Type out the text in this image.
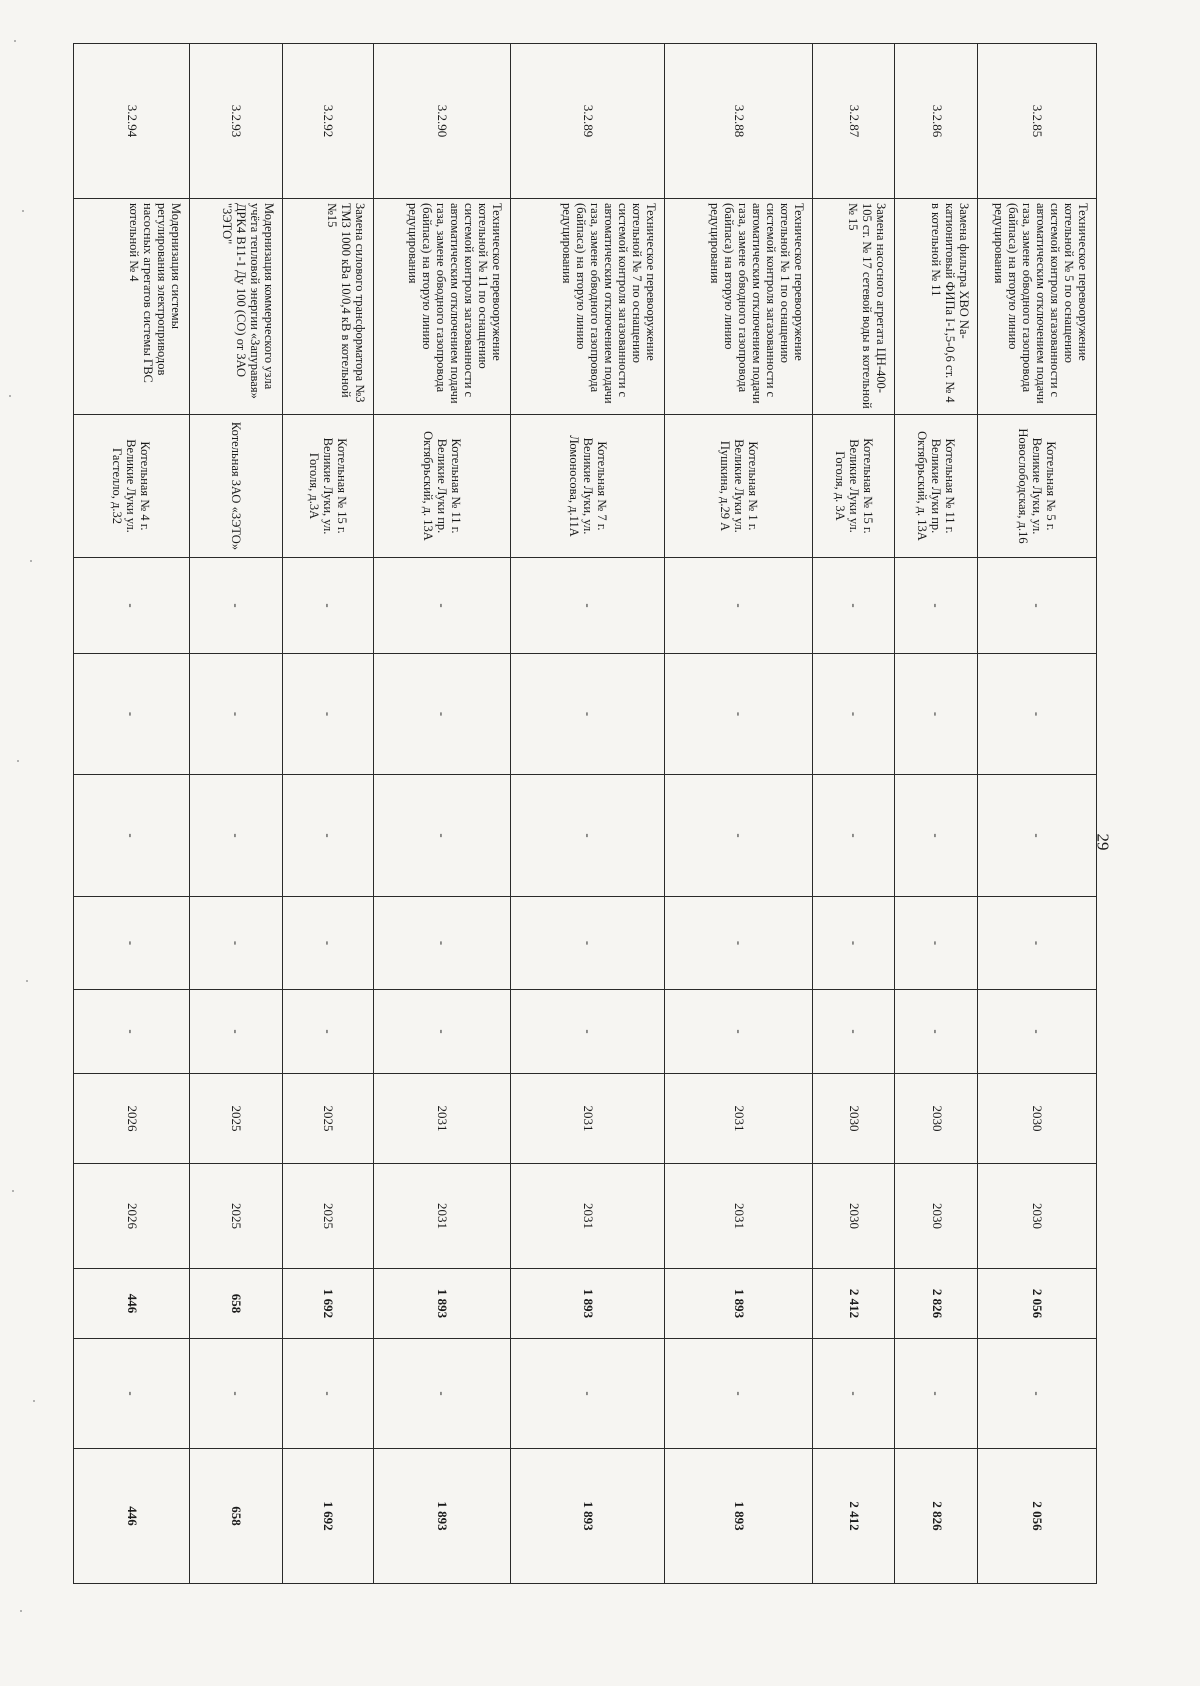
29
3.2.85	Техническое перевооружение котельной № 5 по оснащению системой контроля загазованности с автоматическим отключением подачи газа, замене обводного газопровода (байпаса) на вторую линию редуцирования	Котельная № 5 г. Великие Луки, ул. Новослободская, д.16	-	-	-	-	-	2030	2030	2 056	-	2 056
3.2.86	Замена фильтра ХВО Na-катионитовый ФИПа I-1,5-0,6 ст. № 4 в котельной № 11	Котельная № 11 г. Великие Луки пр. Октябрьский, д. 13А	-	-	-	-	-	2030	2030	2 826	-	2 826
3.2.87	Замена насосного агрегата ЦН-400-105 ст. № 17 сетевой воды в котельной № 15	Котельная № 15 г. Великие Луки ул. Гоголя, д. 3А	-	-	-	-	-	2030	2030	2 412	-	2 412
3.2.88	Техническое перевооружение котельной № 1 по оснащению системой контроля загазованности с автоматическим отключением подачи газа, замене обводного газопровода (байпаса) на вторую линию редуцирования	Котельная № 1 г. Великие Луки ул. Пушкина, д.29 А	-	-	-	-	-	2031	2031	1 893	-	1 893
3.2.89	Техническое перевооружение котельной № 7 по оснащению системой контроля загазованности с автоматическим отключением подачи газа, замене обводного газопровода (байпаса) на вторую линию редуцирования	Котельная № 7 г. Великие Луки, ул. Ломоносова, д.11А	-	-	-	-	-	2031	2031	1 893	-	1 893
3.2.90	Техническое перевооружение котельной № 11 по оснащению системой контроля загазованности с автоматическим отключением подачи газа, замене обводного газопровода (байпаса) на вторую линию редуцирования	Котельная № 11 г. Великие Луки пр. Октябрьский, д. 13А	-	-	-	-	-	2031	2031	1 893	-	1 893
3.2.92	Замена силового трансформатора №3 ТМЗ 1000 кВа 10/0,4 кВ в котельной №15	Котельная № 15 г. Великие Луки, ул. Гоголя, д.3А	-	-	-	-	-	2025	2025	1 692	-	1 692
3.2.93	Модернизация коммерческого узла учёта тепловой энергии «Запуравая» ДРК4 В11-1 Ду 100 (СО) от ЗАО "ЗЭТО"	Котельная ЗАО «ЗЭТО»	-	-	-	-	-	2025	2025	658	-	658
3.2.94	Модернизация системы регулирования электроприводов насосных агрегатов системы ГВС котельной № 4	Котельная № 4 г. Великие Луки ул. Гастелло, д.32	-	-	-	-	-	2026	2026	446	-	446
